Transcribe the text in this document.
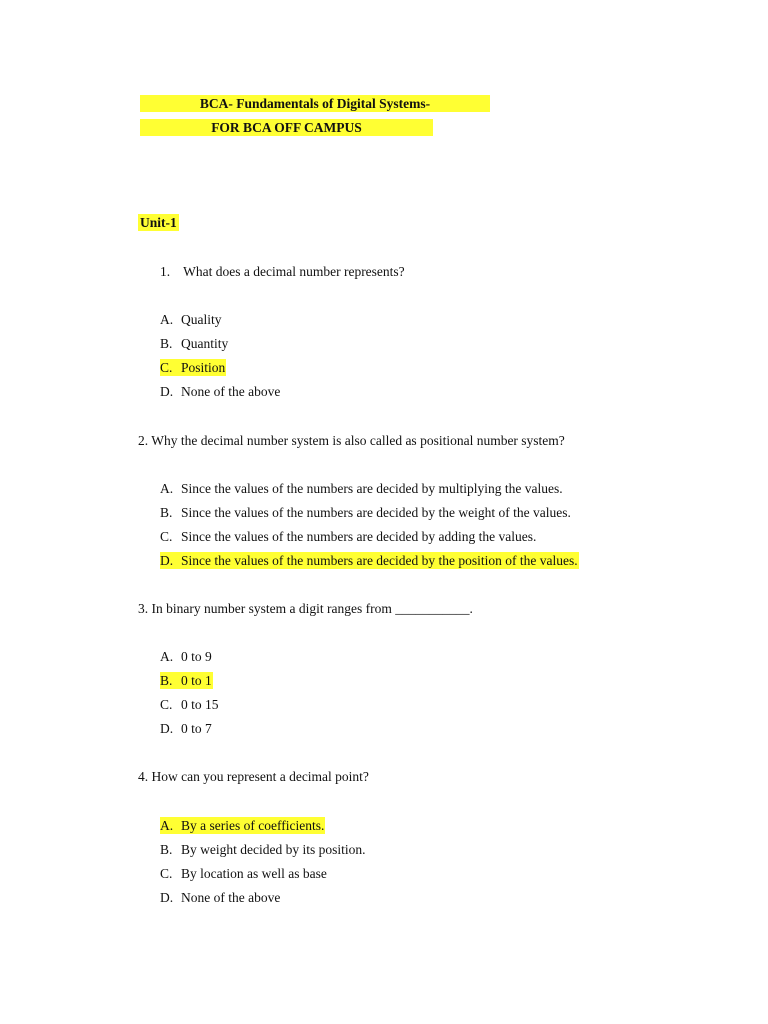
BCA- Fundamentals of Digital Systems-
FOR BCA OFF CAMPUS
Unit-1
1. What does a decimal number represents?
A. Quality
B. Quantity
C. Position
D. None of the above
2. Why the decimal number system is also called as positional number system?
A. Since the values of the numbers are decided by multiplying the values.
B. Since the values of the numbers are decided by the weight of the values.
C. Since the values of the numbers are decided by adding the values.
D. Since the values of the numbers are decided by the position of the values.
3. In binary number system a digit ranges from ___________.
A. 0 to 9
B. 0 to 1
C. 0 to 15
D. 0 to 7
4. How can you represent a decimal point?
A. By a series of coefficients.
B. By weight decided by its position.
C. By location as well as base
D. None of the above
